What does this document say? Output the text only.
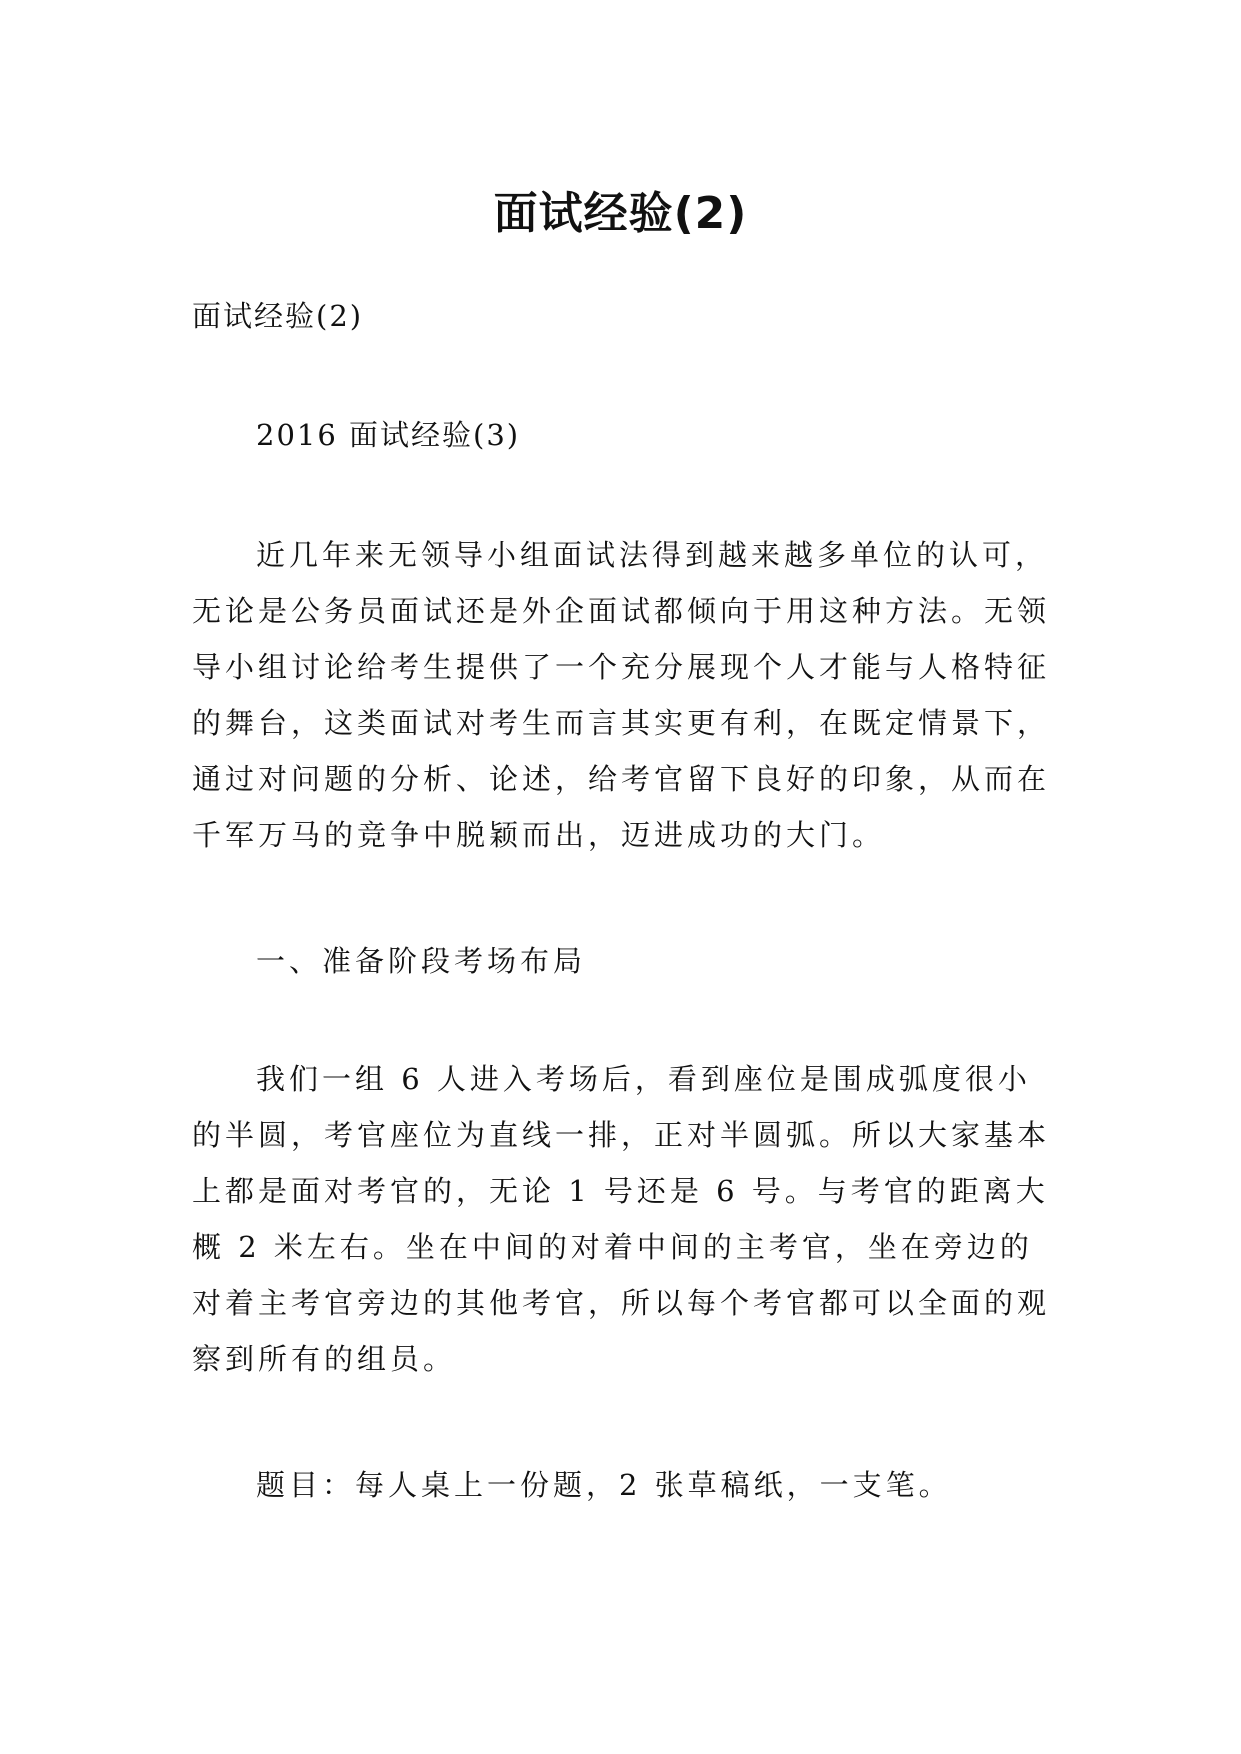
面试经验(2)

面试经验(2)

2016 面试经验(3)

近几年来无领导小组面试法得到越来越多单位的认可，无论是公务员面试还是外企面试都倾向于用这种方法。无领导小组讨论给考生提供了一个充分展现个人才能与人格特征的舞台，这类面试对考生而言其实更有利，在既定情景下，通过对问题的分析、论述，给考官留下良好的印象，从而在千军万马的竞争中脱颖而出，迈进成功的大门。

一、准备阶段考场布局

我们一组 6 人进入考场后，看到座位是围成弧度很小的半圆，考官座位为直线一排，正对半圆弧。所以大家基本上都是面对考官的，无论 1 号还是 6 号。与考官的距离大概 2 米左右。坐在中间的对着中间的主考官，坐在旁边的对着主考官旁边的其他考官，所以每个考官都可以全面的观察到所有的组员。

题目：每人桌上一份题，2 张草稿纸，一支笔。
